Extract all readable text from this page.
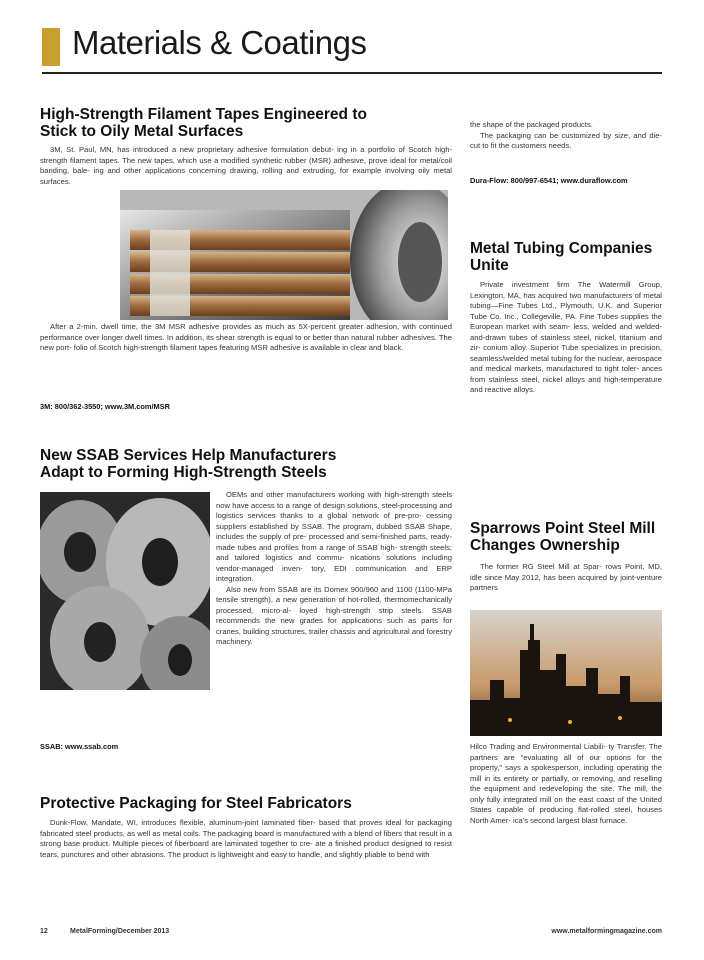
Materials & Coatings
High-Strength Filament Tapes Engineered to Stick to Oily Metal Surfaces

3M, St. Paul, MN, has introduced a new proprietary adhesive formulation debut- ing in a portfolio of Scotch high-strength filament tapes. The new tapes, which use a modified synthetic rubber (MSR) adhesive, prove ideal for metal/coil banding, bale- ing and other applications concerning drawing, rolling and extruding, for example involving oily metal surfaces.

After a 2-min. dwell time, the 3M MSR adhesive provides as much as 5X-percent greater adhesion, with continued performance over longer dwell times. In addition, its shear strength is equal to or better than natural rubber adhesives. The new port- folio of Scotch high-strength filament tapes featuring MSR adhesive is available in clear and black.

3M: 800/362-3550; www.3M.com/MSR
New SSAB Services Help Manufacturers Adapt to Forming High-Strength Steels

OEMs and other manufacturers working with high-strength steels now have access to a range of design solutions, steel-processing and logistics services thanks to a global network of pre-pro- cessing suppliers established by SSAB. The program, dubbed SSAB Shape, includes the supply of pre- processed and semi-finished parts, ready-made tubes and profiles from a range of SSAB high- strength steels; and tailored logistics and commu- nications solutions including vendor-managed inven- tory, EDI communication and ERP integration.

Also new from SSAB are its Domex 900/960 and 1100 (1100-MPa tensile strength), a new generation of hot-rolled, thermomechanically processed, micro-al- loyed high-strength strip steels. SSAB recommends the new grades for applications such as parts for cranes, building structures, trailer chassis and agricultural and forestry machinery.

SSAB: www.ssab.com
Protective Packaging for Steel Fabricators

Dunk-Flow, Mandate, WI, introduces flexible, aluminum-joint laminated fiber- based that proves ideal for packaging fabricated steel products, as well as metal coils. The packaging board is manufactured with a blend of fibers that result in a strong base product. Multiple pieces of fiberboard are laminated together to cre- ate a finished product designed to resist tears, punctures and other abrasions. The product is lightweight and easy to handle, and slightly pliable to bend with

the shape of the packaged products.

The packaging can be customized by size, and die-cut to fit the customers needs.

Dura-Flow: 800/997-6541; www.duraflow.com
Metal Tubing Companies Unite

Private investment firm The Watermill Group, Lexington, MA, has acquired two manufacturers of metal tubing—Fine Tubes Ltd., Plymouth, U.K. and Superior Tube Co. Inc., Collegeville, PA. Fine Tubes supplies the European market with seam- less, welded and welded-and-drawn tubes of stainless steel, nickel, titanium and zir- conium alloy. Superior Tube specializes in precision, seamless/welded metal tubing for the nuclear, aerospace and medical markets, manufactured to tight toler- ances from stainless steel, nickel alloys and high-temperature and reactive alloys.

Sparrows Point Steel Mill Changes Ownership

The former RG Steel Mill at Spar- rows Point, MD, idle since May 2012, has been acquired by joint-venture partners

Hilco Trading and Environmental Liabili- ty Transfer. The partners are "evaluating all of our options for the property," says a spokesperson, including operating the mill in its entirety or partially, or removing, and reselling the equipment and redeveloping the site. The mill, the only fully integrated mill on the east coast of the United States capable of producing flat-rolled steel, houses North Amer- ica's second largest blast furnace.

12	MetalForming/December 2013	www.metalformingmagazine.com
